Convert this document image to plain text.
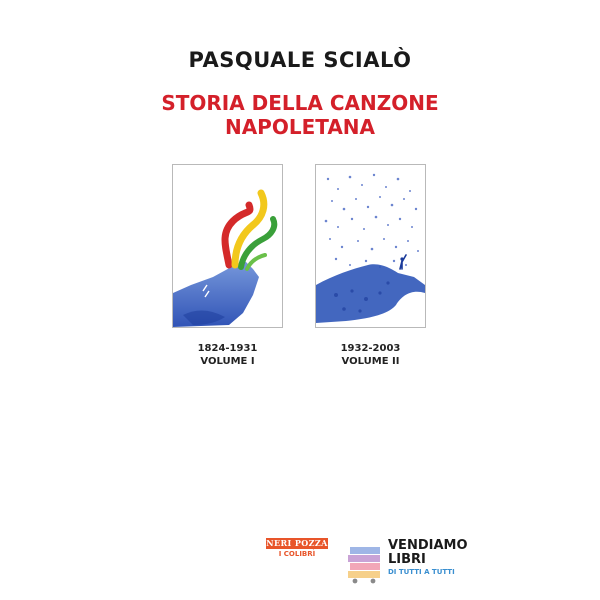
PASQUALE SCIALÒ
STORIA DELLA CANZONE
NAPOLETANA
1824-1931
VOLUME I
1932-2003
VOLUME II
NERI POZZA
I COLIBRÌ
VENDIAMO
LIBRI
DI TUTTI A TUTTI
